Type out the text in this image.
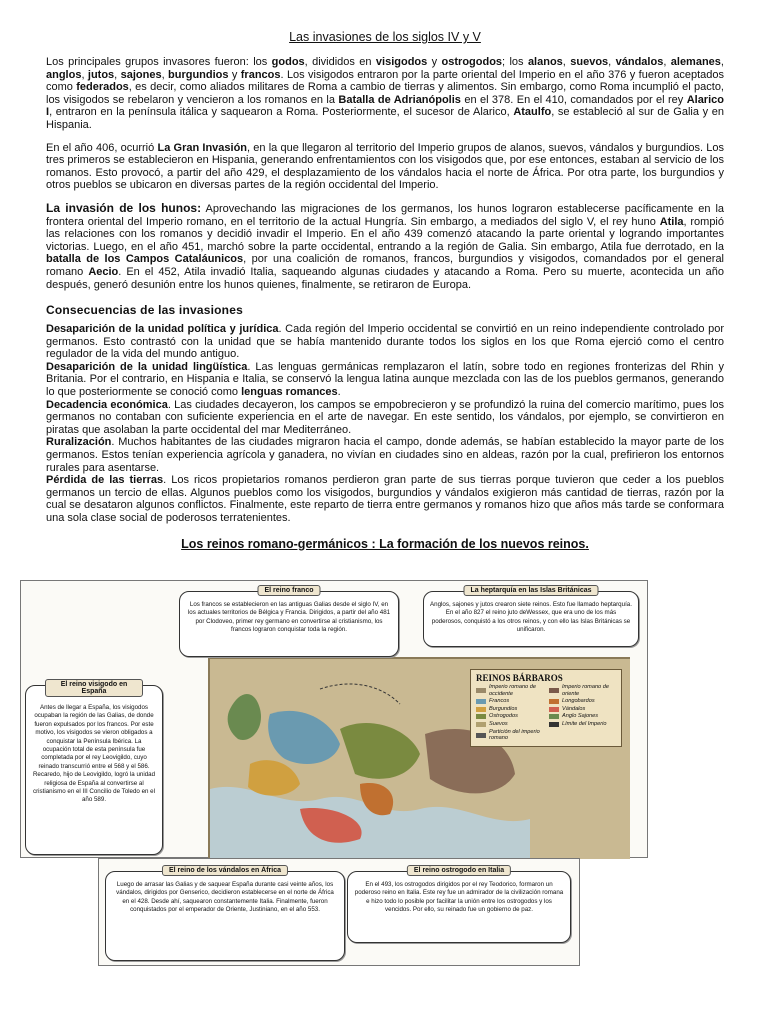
Las invasiones de los siglos IV y V

Los principales grupos invasores fueron: los godos, divididos en visigodos y ostrogodos; los alanos, suevos, vándalos, alemanes, anglos, jutos, sajones, burgundios y francos. Los visigodos entraron por la parte oriental del Imperio en el año 376 y fueron aceptados como federados, es decir, como aliados militares de Roma a cambio de tierras y alimentos. Sin embargo, como Roma incumplió el pacto, los visigodos se rebelaron y vencieron a los romanos en la Batalla de Adrianópolis en el 378. En el 410, comandados por el rey Alarico I, entraron en la península itálica y saquearon a Roma. Posteriormente, el sucesor de Alarico, Ataulfo, se estableció al sur de Galia y en Hispania.

En el año 406, ocurrió La Gran Invasión, en la que llegaron al territorio del Imperio grupos de alanos, suevos, vándalos y burgundios. Los tres primeros se establecieron en Hispania, generando enfrentamientos con los visigodos que, por ese entonces, estaban al servicio de los romanos. Esto provocó, a partir del año 429, el desplazamiento de los vándalos hacia el norte de África. Por otra parte, los burgundios y otros pueblos se ubicaron en diversas partes de la región occidental del Imperio.

La invasión de los hunos: Aprovechando las migraciones de los germanos, los hunos lograron establecerse pacíficamente en la frontera oriental del Imperio romano, en el territorio de la actual Hungría. Sin embargo, a mediados del siglo V, el rey huno Atila, rompió las relaciones con los romanos y decidió invadir el Imperio. En el año 439 comenzó atacando la parte oriental y logrando importantes victorias. Luego, en el año 451, marchó sobre la parte occidental, entrando a la región de Galia. Sin embargo, Atila fue derrotado, en la batalla de los Campos Cataláunicos, por una coalición de romanos, francos, burgundios y visigodos, comandados por el general romano Aecio. En el 452, Atila invadió Italia, saqueando algunas ciudades y atacando a Roma. Pero su muerte, acontecida un año después, generó desunión entre los hunos quienes, finalmente, se retiraron de Europa.

Consecuencias de las invasiones

Desaparición de la unidad política y jurídica. Cada región del Imperio occidental se convirtió en un reino independiente controlado por germanos. Esto contrastó con la unidad que se había mantenido durante todos los siglos en los que Roma ejerció como el centro regulador de la vida del mundo antiguo.

Desaparición de la unidad lingüística. Las lenguas germánicas remplazaron el latín, sobre todo en regiones fronterizas del Rhin y Britania. Por el contrario, en Hispania e Italia, se conservó la lengua latina aunque mezclada con las de los pueblos germanos, generando lo que posteriormente se conoció como lenguas romances.

Decadencia económica. Las ciudades decayeron, los campos se empobrecieron y se profundizó la ruina del comercio marítimo, pues los germanos no contaban con suficiente experiencia en el arte de navegar. En este sentido, los vándalos, por ejemplo, se convirtieron en piratas que asolaban la parte occidental del mar Mediterráneo.

Ruralización. Muchos habitantes de las ciudades migraron hacia el campo, donde además, se habían establecido la mayor parte de los germanos. Estos tenían experiencia agrícola y ganadera, no vivían en ciudades sino en aldeas, razón por la cual, prefirieron los entornos rurales para asentarse.

Pérdida de las tierras. Los ricos propietarios romanos perdieron gran parte de sus tierras porque tuvieron que ceder a los pueblos germanos un tercio de ellas. Algunos pueblos como los visigodos, burgundios y vándalos exigieron más cantidad de tierras, razón por la cual se desataron algunos conflictos. Finalmente, este reparto de tierra entre germanos y romanos hizo que años más tarde se conformara una sola clase social de poderosos terratenientes.

Los reinos romano-germánicos : La formación de los nuevos reinos.
REINOS BÁRBAROS
Imperio romano de occidente
Imperio romano de oriente
Francos	Longobardos
Burgundios	Vándalos
Ostrogodos	Anglo Sajones
Suevos	Límite del Imperio
Partición del imperio romano
El reino franco
Los francos se establecieron en las antiguas Galias desde el siglo IV, en los actuales territorios de Bélgica y Francia. Dirigidos, a partir del año 481 por Clodoveo, primer rey germano en convertirse al cristianismo, los francos lograron conquistar toda la región.
La heptarquía en las Islas Británicas
Anglos, sajones y jutos crearon siete reinos. Esto fue llamado heptarquía. En el año 827 el reino juto deWessex, que era uno de los más poderosos, conquistó a los otros reinos, y con ello las Islas Británicas se unificaron.
El reino visigodo en España
Antes de llegar a España, los visigodos ocupaban la región de las Galias, de donde fueron expulsados por los francos. Por este motivo, los visigodos se vieron obligados a conquistar la Península Ibérica. La ocupación total de esta península fue completada por el rey Leovigildo, cuyo reinado transcurrió entre el 568 y el 586. Recaredo, hijo de Leovigildo, logró la unidad religiosa de España al convertirse al cristianismo en el III Concilio de Toledo en el año 589.
El reino de los vándalos en África
Luego de arrasar las Galias y de saquear España durante casi veinte años, los vándalos, dirigidos por Genserico, decidieron establecerse en el norte de África en el 428. Desde ahí, saquearon constantemente Italia. Finalmente, fueron conquistados por el emperador de Oriente, Justiniano, en el año 553.
El reino ostrogodo en Italia
En el 493, los ostrogodos dirigidos por el rey Teodorico, formaron un poderoso reino en Italia. Este rey fue un admirador de la civilización romana e hizo todo lo posible por facilitar la unión entre los ostrogodos y los vencidos. Por ello, su reinado fue un gobierno de paz.
